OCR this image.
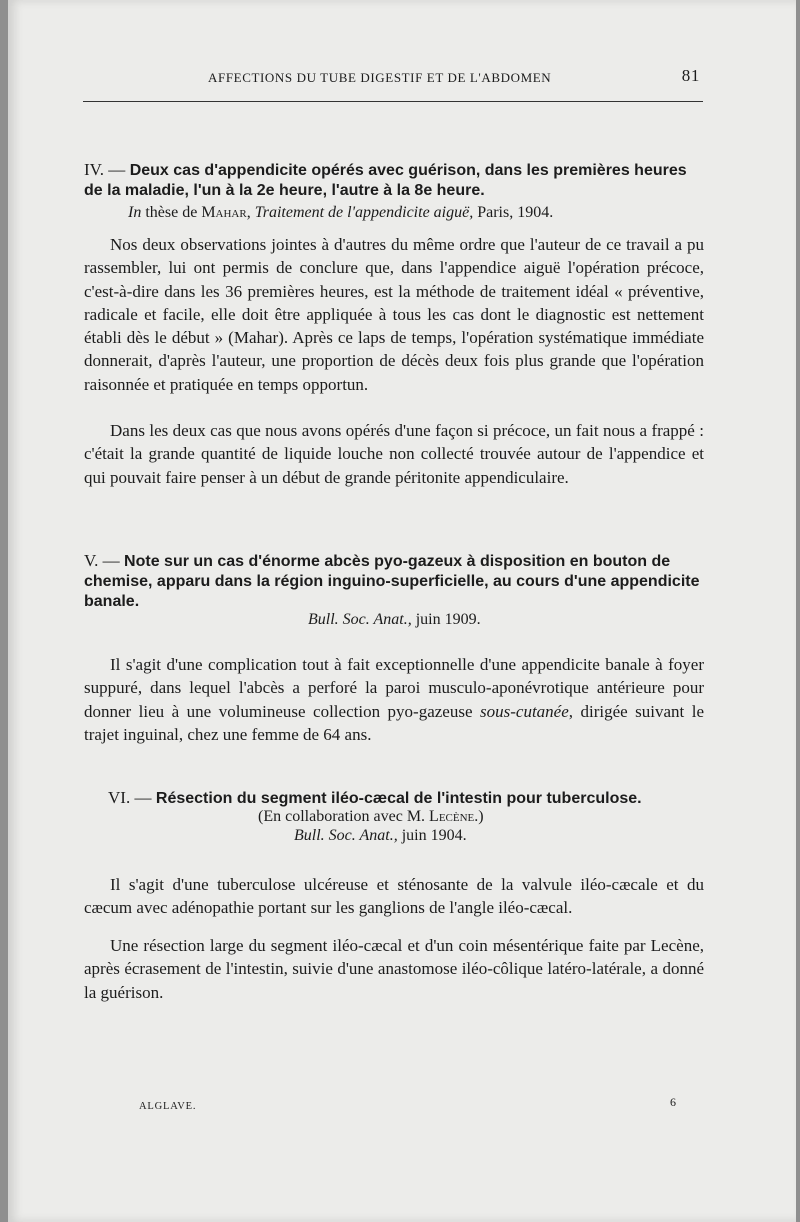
AFFECTIONS DU TUBE DIGESTIF ET DE L'ABDOMEN	81
IV. — Deux cas d'appendicite opérés avec guérison, dans les premières heures de la maladie, l'un à la 2e heure, l'autre à la 8e heure.
In thèse de Mahar, Traitement de l'appendicite aiguë, Paris, 1904.

Nos deux observations jointes à d'autres du même ordre que l'auteur de ce travail a pu rassembler, lui ont permis de conclure que, dans l'appendice aiguë l'opération précoce, c'est-à-dire dans les 36 premières heures, est la méthode de traitement idéal « préventive, radicale et facile, elle doit être appliquée à tous les cas dont le diagnostic est nettement établi dès le début » (Mahar). Après ce laps de temps, l'opération systématique immédiate donnerait, d'après l'auteur, une proportion de décès deux fois plus grande que l'opération raisonnée et pratiquée en temps opportun.

Dans les deux cas que nous avons opérés d'une façon si précoce, un fait nous a frappé : c'était la grande quantité de liquide louche non collecté trouvée autour de l'appendice et qui pouvait faire penser à un début de grande péritonite appendiculaire.

V. — Note sur un cas d'énorme abcès pyo-gazeux à disposition en bouton de chemise, apparu dans la région inguino-superficielle, au cours d'une appendicite banale.
Bull. Soc. Anat., juin 1909.

Il s'agit d'une complication tout à fait exceptionnelle d'une appendicite banale à foyer suppuré, dans lequel l'abcès a perforé la paroi musculo-aponévrotique antérieure pour donner lieu à une volumineuse collection pyo-gazeuse sous-cutanée, dirigée suivant le trajet inguinal, chez une femme de 64 ans.

VI. — Résection du segment iléo-cæcal de l'intestin pour tuberculose.
(En collaboration avec M. Lecène.)
Bull. Soc. Anat., juin 1904.

Il s'agit d'une tuberculose ulcéreuse et sténosante de la valvule iléo-cæcale et du cæcum avec adénopathie portant sur les ganglions de l'angle iléo-cæcal.

Une résection large du segment iléo-cæcal et d'un coin mésentérique faite par Lecène, après écrasement de l'intestin, suivie d'une anastomose iléo-côlique latéro-latérale, a donné la guérison.

ALGLAVE.	6
